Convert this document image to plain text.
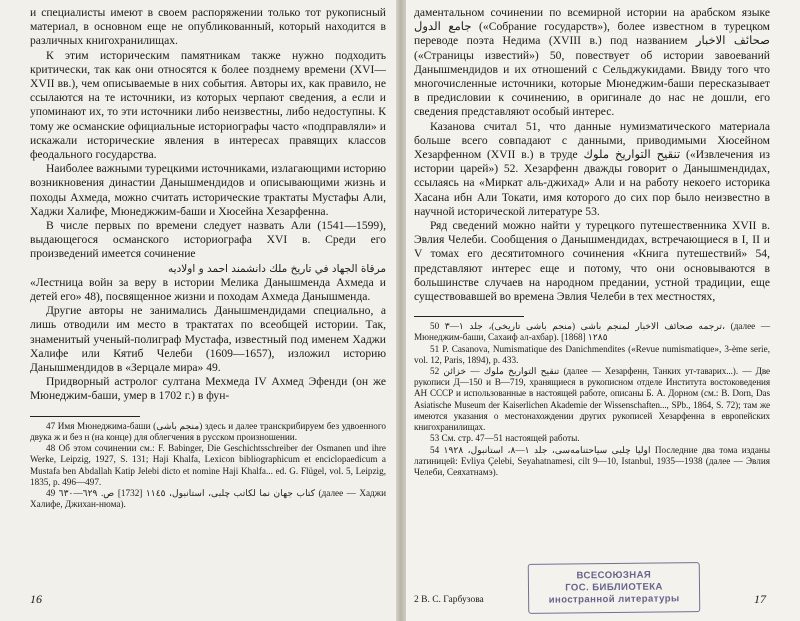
и специалисты имеют в своем распоряжении только тот рукописный материал, в основном еще не опубликованный, который находится в различных книгохранилищах.

К этим историческим памятникам также нужно подходить критически, так как они относятся к более позднему времени (XVI—XVII вв.), чем описываемые в них события. Авторы их, как правило, не ссылаются на те источники, из которых черпают сведения, а если и упоминают их, то эти источники либо неизвестны, либо недоступны. К тому же османские официальные историографы часто «подправляли» и искажали исторические явления в интересах правящих классов феодального государства.

Наиболее важными турецкими источниками, излагающими историю возникновения династии Данышмендидов и описывающими жизнь и походы Ахмеда, можно считать исторические трактаты Мустафы Али, Хаджи Халифе, Мюнеджжим-баши и Хюсейна Хезарфенна.

В числе первых по времени следует назвать Али (1541—1599), выдающегося османского историографа XVI в. Среди его произведений имеется сочинение

مرقاة الجهاد في تاريخ ملك دانشمند احمد و اولاديه

«Лестница войн за веру в истории Мелика Данышменда Ахмеда и детей его» 48), посвященное жизни и походам Ахмеда Данышменда.

Другие авторы не занимались Данышмендидами специально, а лишь отводили им место в трактатах по всеобщей истории. Так, знаменитый ученый-полиграф Мустафа, известный под именем Хаджи Халифе или Кятиб Челеби (1609—1657), изложил историю Данышмендидов в «Зерцале мира» 49.

Придворный астролог султана Мехмеда IV Ахмед Эфенди (он же Мюнеджим-баши, умер в 1702 г.) в фун-

47 Имя Мюнеджима-баши (منجم باشى) здесь и далее транскрибируем без удвоенного двука ж и без н (на конце) для облегчения в русском произношении.

48 Об этом сочинении см.: F. Babinger, Die Geschichtsschreiber der Osmanen und ihre Werke, Leipzig, 1927, S. 131; Haji Khalfa, Lexicon bibliographicum et enciclopaedicum a Mustafa ben Abdallah Katip Jelebi dicto et nomine Haji Khalfa... ed. G. Flügel, vol. 5, Leipzig, 1835, p. 496—497.

49 كتاب جهان نما لكاتب چلبى، استانبول، ١١٤٥ [1732] ص. ٦٢٩—٦٣٠ (далее — Хаджи Халифе, Джихан-нюма).

16

даментальном сочинении по всемирной истории на арабском языке جامع الدول («Собрание государств»), более известном в турецком переводе поэта Недима (XVIII в.) под названием صحائف الاخبار («Страницы известий») 50, повествует об истории завоеваний Данышмендидов и их отношений с Сельджукидами. Ввиду того что многочисленные источники, которые Мюнеджим-баши пересказывает в предисловии к сочинению, в оригинале до нас не дошли, его сведения представляют особый интерес.

Казанова считал 51, что данные нумизматического материала больше всего совпадают с данными, приводимыми Хюсейном Хезарфенном (XVII в.) в труде تنقيح التواريخ ملوك («Извлечения из истории царей») 52. Хезарфенн дважды говорит о Данышмендидах, ссылаясь на «Миркат аль-джихад» Али и на работу некоего историка Хасана ибн Али Токати, имя которого до сих пор было неизвестно в научной исторической литературе 53.

Ряд сведений можно найти у турецкого путешественника XVII в. Эвлия Челеби. Сообщения о Данышмендидах, встречающиеся в I, II и V томах его десятитомного сочинения «Книга путешествий» 54, представляют интерес еще и потому, что они основываются в большинстве случаев на народном предании, устной традиции, еще существовавшей во времена Эвлия Челеби в тех местностях,

50 ترجمه صحائف الاخبار لمنجم باشى (منجم باشى تاريخى)، جلد ۱—۳، (далее — Мюнеджим-баши, Сахаиф ал-ахбар). [1868] ١٢٨٥

51 P. Casanova, Numismatique des Danichmendites («Revue numismatique», 3-ème serie, vol. 12, Paris, 1894), p. 433.

52 تنقيح التواريخ ملوك — خزائن (далее — Хезарфенн, Танких ут-таварих...). — Две рукописи Д—150 и В—719, хранящиеся в рукописном отделе Института востоковедения АН СССР и использованные в настоящей работе, описаны Б. А. Дорном (см.: B. Dorn, Das Asiatische Museum der Kaiserlichen Akademie der Wissenschaften..., SPb., 1864, S. 72); там же имеются указания о местонахождении других рукописей Хезарфенна в европейских книгохранилищах.

53 См. стр. 47—51 настоящей работы.

54 اوليا چلبى سياحتنامه‌سى، جلد ۱—۸، استانبول، ١٩٢٨ Последние два тома изданы латиницей: Evliya Çelebi, Seyahatnamesi, cilt 9—10, Istanbul, 1935—1938 (далее — Эвлия Челеби, Сеяхатнамэ).

2 В. С. Гарбузова
ВСЕСОЮЗНАЯ
ГОС. БИБЛИОТЕКА
иностранной литературы	17
